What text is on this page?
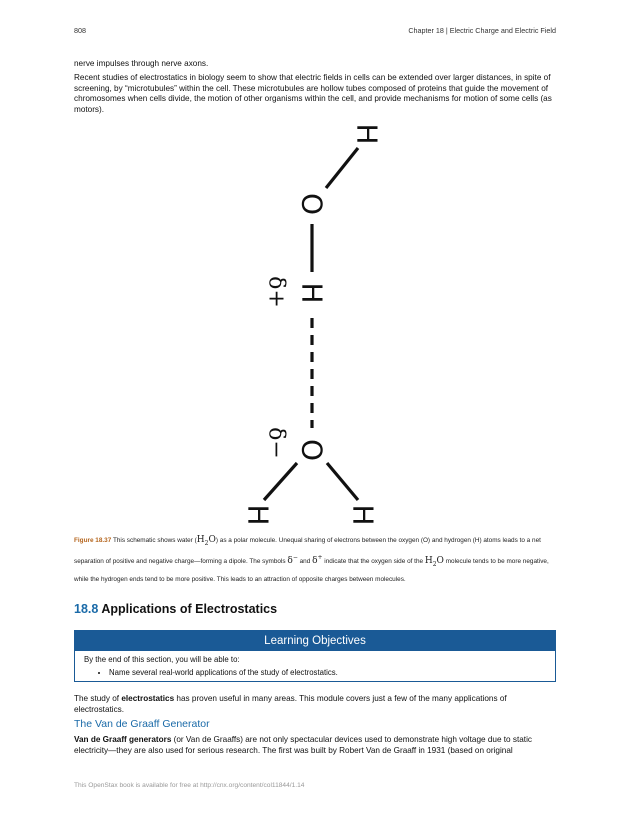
808	Chapter 18 | Electric Charge and Electric Field

nerve impulses through nerve axons.

Recent studies of electrostatics in biology seem to show that electric fields in cells can be extended over larger distances, in spite of screening, by “microtubules” within the cell. These microtubules are hollow tubes composed of proteins that guide the movement of chromosomes when cells divide, the motion of other organisms within the cell, and provide mechanisms for motion of some cells (as motors).

H
O
H
O
H	H
δ+
δ−

Figure 18.37 This schematic shows water $(H_2O)$ as a polar molecule. Unequal sharing of electrons between the oxygen (O) and hydrogen (H) atoms leads to a net separation of positive and negative charge—forming a dipole. The symbols δ− and δ+ indicate that the oxygen side of the $H_2O$ molecule tends to be more negative, while the hydrogen ends tend to be more positive. This leads to an attraction of opposite charges between molecules.

18.8 Applications of Electrostatics
Learning Objectives
By the end of this section, you will be able to:
• Name several real-world applications of the study of electrostatics.

The study of electrostatics has proven useful in many areas. This module covers just a few of the many applications of electrostatics.

The Van de Graaff Generator

Van de Graaff generators (or Van de Graaffs) are not only spectacular devices used to demonstrate high voltage due to static electricity—they are also used for serious research. The first was built by Robert Van de Graaff in 1931 (based on original

This OpenStax book is available for free at http://cnx.org/content/col11844/1.14
